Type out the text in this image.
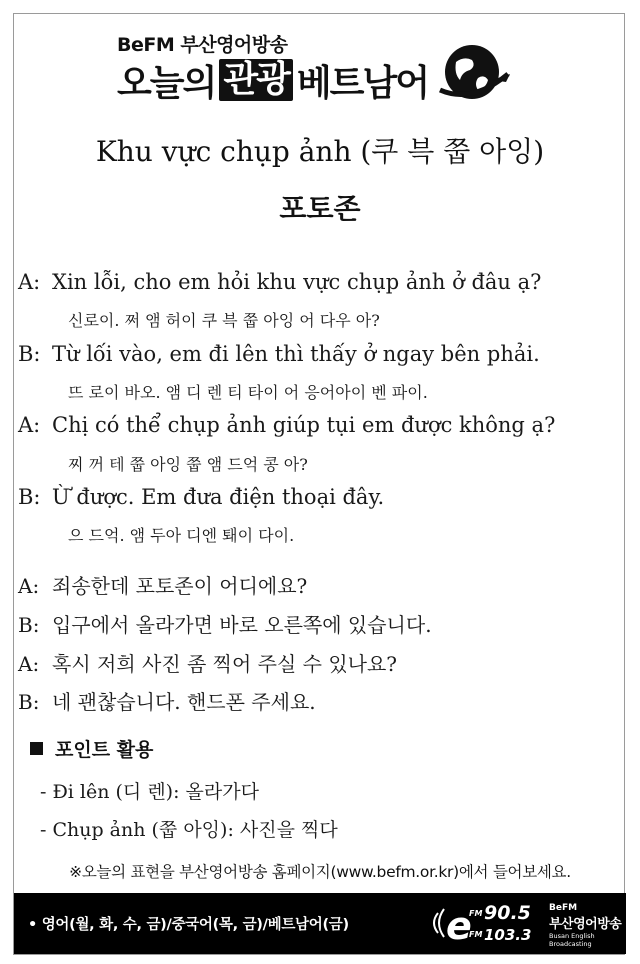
BeFM 부산영어방송
오늘의 관광 베트남어
Khu vực chụp ảnh (쿠 븍 쭙 아잉)
포토존
A: Xin lỗi, cho em hỏi khu vực chụp ảnh ở đâu ạ?
신로이. 쩌 앰 허이 쿠 븍 쭙 아잉 어 다우 아?
B: Từ lối vào, em đi lên thì thấy ở ngay bên phải.
뜨 로이 바오. 앰 디 렌 티 타이 어 응어아이 벤 파이.
A: Chị có thể chụp ảnh giúp tụi em được không ạ?
찌 꺼 테 쭙 아잉 쭙 앰 드억 콩 아?
B: Ừ được. Em đưa điện thoại đây.
으 드억. 앰 두아 디엔 퇘이 다이.
A: 죄송한데 포토존이 어디에요?
B: 입구에서 올라가면 바로 오른쪽에 있습니다.
A: 혹시 저희 사진 좀 찍어 주실 수 있나요?
B: 네 괜찮습니다. 핸드폰 주세요.
포인트 활용
- Đi lên (디 렌): 올라가다
- Chụp ảnh (쭙 아잉): 사진을 찍다
※오늘의 표현을 부산영어방송 홈페이지(www.befm.or.kr)에서 들어보세요.
• 영어(월, 화, 수, 금)/중국어(목, 금)/베트남어(금)	e
FM 90.5
FM 103.3
BeFM
부산영어방송
Busan English Broadcasting
